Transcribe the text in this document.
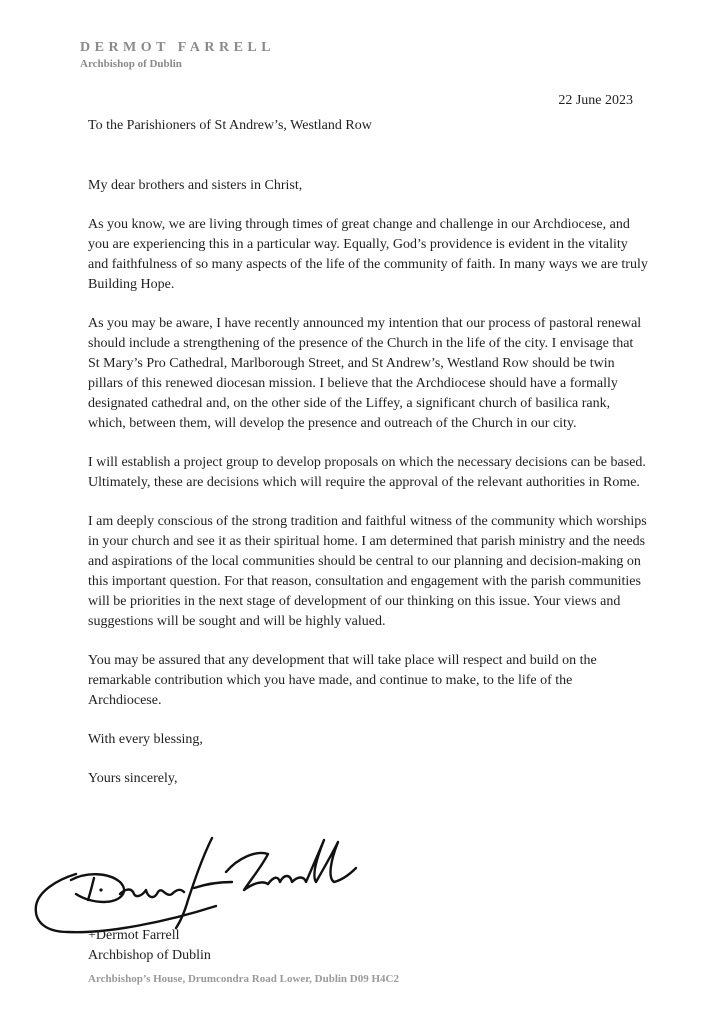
DERMOT FARRELL
Archbishop of Dublin
22 June 2023

To the Parishioners of St Andrew’s, Westland Row

My dear brothers and sisters in Christ,

As you know, we are living through times of great change and challenge in our Archdiocese, and you are experiencing this in a particular way. Equally, God’s providence is evident in the vitality and faithfulness of so many aspects of the life of the community of faith. In many ways we are truly Building Hope.

As you may be aware, I have recently announced my intention that our process of pastoral renewal should include a strengthening of the presence of the Church in the life of the city. I envisage that St Mary’s Pro Cathedral, Marlborough Street, and St Andrew’s, Westland Row should be twin pillars of this renewed diocesan mission. I believe that the Archdiocese should have a formally designated cathedral and, on the other side of the Liffey, a significant church of basilica rank, which, between them, will develop the presence and outreach of the Church in our city.

I will establish a project group to develop proposals on which the necessary decisions can be based. Ultimately, these are decisions which will require the approval of the relevant authorities in Rome.

I am deeply conscious of the strong tradition and faithful witness of the community which worships in your church and see it as their spiritual home. I am determined that parish ministry and the needs and aspirations of the local communities should be central to our planning and decision-making on this important question. For that reason, consultation and engagement with the parish communities will be priorities in the next stage of development of our thinking on this issue. Your views and suggestions will be sought and will be highly valued.

You may be assured that any development that will take place will respect and build on the remarkable contribution which you have made, and continue to make, to the life of the Archdiocese.

With every blessing,

Yours sincerely,

+Dermot Farrell
Archbishop of Dublin
Archbishop’s House, Drumcondra Road Lower, Dublin D09 H4C2
